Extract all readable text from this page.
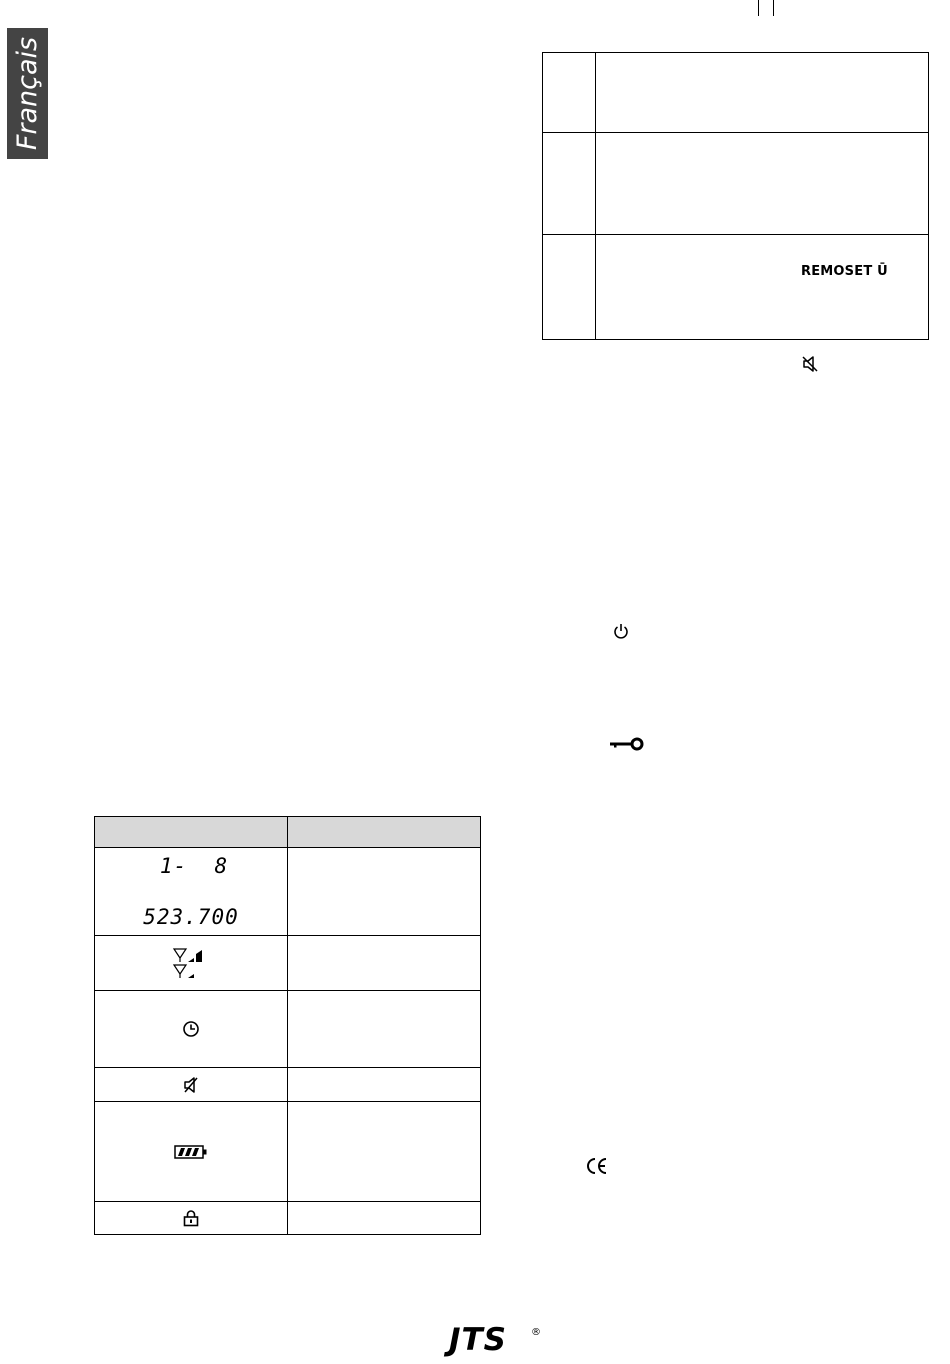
Français

REMOSET Ū

1-  8
523.700	

JTS ®
